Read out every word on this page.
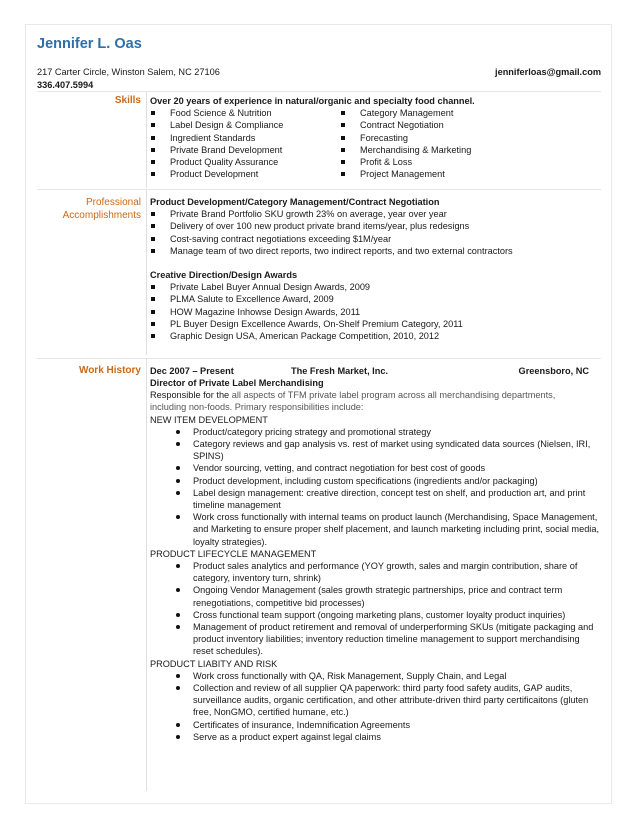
Jennifer L. Oas
217 Carter Circle, Winston Salem, NC 27106	jenniferloas@gmail.com
336.407.5994
Skills Over 20 years of experience in natural/organic and specialty food channel.
Food Science & Nutrition
Label Design & Compliance
Ingredient Standards
Private Brand Development
Product Quality Assurance
Product Development
Category Management
Contract Negotiation
Forecasting
Merchandising & Marketing
Profit & Loss
Project Management
Professional
Accomplishments
Product Development/Category Management/Contract Negotiation
Private Brand Portfolio SKU growth 23% on average, year over year
Delivery of over 100 new product private brand items/year, plus redesigns
Cost-saving contract negotiations exceeding $1M/year
Manage team of two direct reports, two indirect reports, and two external contractors
Creative Direction/Design Awards
Private Label Buyer Annual Design Awards, 2009
PLMA Salute to Excellence Award, 2009
HOW Magazine Inhowse Design Awards, 2011
PL Buyer Design Excellence Awards, On-Shelf Premium Category, 2011
Graphic Design USA, American Package Competition, 2010, 2012
Work History Dec 2007 – Present	The Fresh Market, Inc.	Greensboro, NC
Director of Private Label Merchandising
Responsible for the all aspects of TFM private label program across all merchandising departments,
including non-foods. Primary responsibilities include:
NEW ITEM DEVELOPMENT
Product/category pricing strategy and promotional strategy
Category reviews and gap analysis vs. rest of market using syndicated data sources (Nielsen, IRI, SPINS)
Vendor sourcing, vetting, and contract negotiation for best cost of goods
Product development, including custom specifications (ingredients and/or packaging)
Label design management: creative direction, concept test on shelf, and production art, and print timeline management
Work cross functionally with internal teams on product launch (Merchandising, Space Management, and Marketing to ensure proper shelf placement, and launch marketing including print, social media, loyalty strategies).
PRODUCT LIFECYCLE MANAGEMENT
Product sales analytics and performance (YOY growth, sales and margin contribution, share of category, inventory turn, shrink)
Ongoing Vendor Management (sales growth strategic partnerships, price and contract term renegotiations, competitive bid processes)
Cross functional team support (ongoing marketing plans, customer loyalty product inquiries)
Management of product retirement and removal of underperforming SKUs (mitigate packaging and product inventory liabilities; inventory reduction timeline management to support merchandising reset schedules).
PRODUCT LIABITY AND RISK
Work cross functionally with QA, Risk Management, Supply Chain, and Legal
Collection and review of all supplier QA paperwork: third party food safety audits, GAP audits, surveillance audits, organic certification, and other attribute-driven third party certificaitons (gluten free, NonGMO, certified humane, etc.)
Certificates of insurance, Indemnification Agreements
Serve as a product expert against legal claims
